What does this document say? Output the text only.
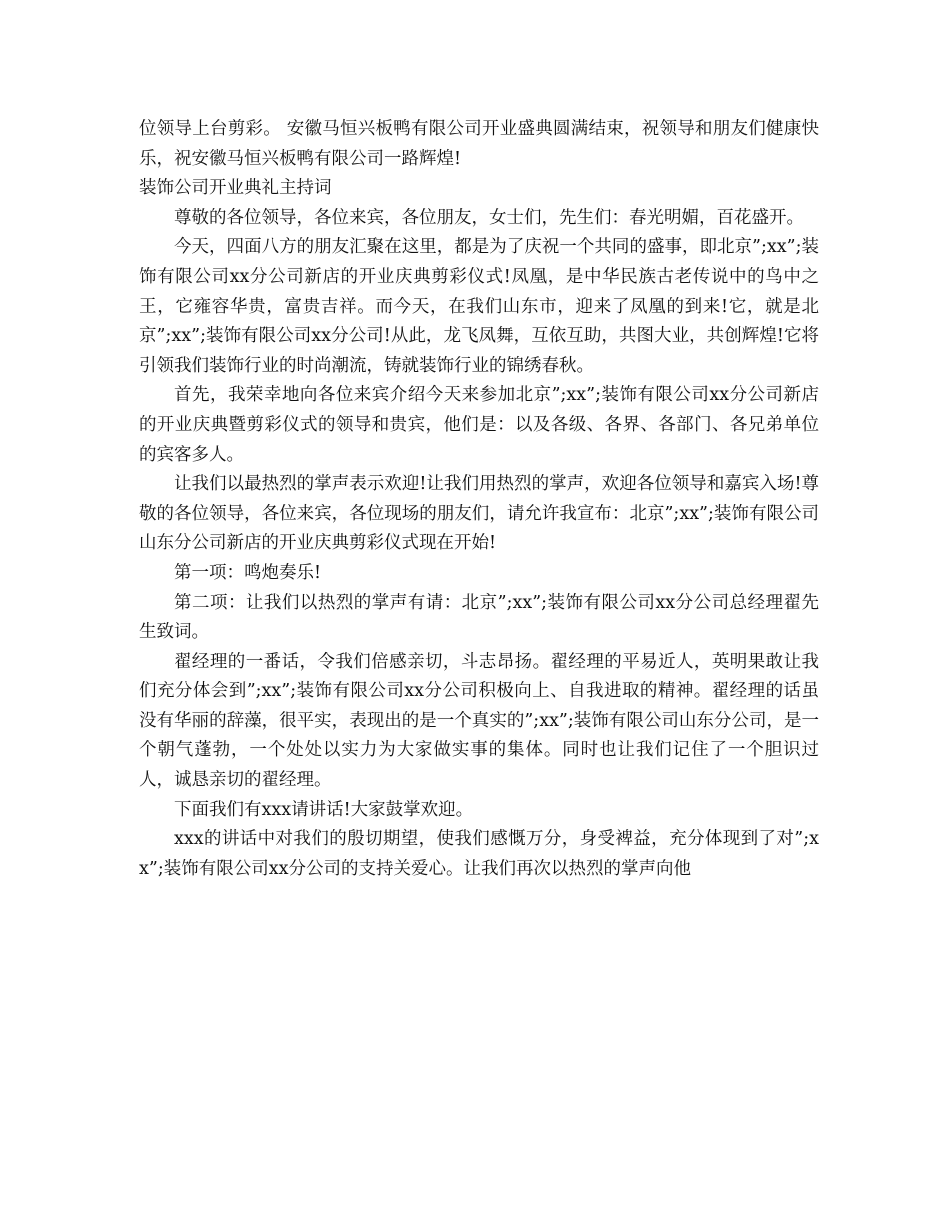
位领导上台剪彩。 安徽马恒兴板鸭有限公司开业盛典圆满结束，祝领导和朋友们健康快乐，祝安徽马恒兴板鸭有限公司一路辉煌!

装饰公司开业典礼主持词

尊敬的各位领导，各位来宾，各位朋友，女士们，先生们：春光明媚，百花盛开。

今天，四面八方的朋友汇聚在这里，都是为了庆祝一个共同的盛事，即北京”;xx”;装饰有限公司xx分公司新店的开业庆典剪彩仪式!凤凰，是中华民族古老传说中的鸟中之王，它雍容华贵，富贵吉祥。而今天，在我们山东市，迎来了凤凰的到来!它，就是北京”;xx”;装饰有限公司xx分公司!从此，龙飞凤舞，互依互助，共图大业，共创辉煌!它将引领我们装饰行业的时尚潮流，铸就装饰行业的锦绣春秋。

首先，我荣幸地向各位来宾介绍今天来参加北京”;xx”;装饰有限公司xx分公司新店的开业庆典暨剪彩仪式的领导和贵宾，他们是：以及各级、各界、各部门、各兄弟单位的宾客多人。

让我们以最热烈的掌声表示欢迎!让我们用热烈的掌声，欢迎各位领导和嘉宾入场!尊敬的各位领导，各位来宾，各位现场的朋友们，请允许我宣布：北京”;xx”;装饰有限公司山东分公司新店的开业庆典剪彩仪式现在开始!

第一项：鸣炮奏乐!

第二项：让我们以热烈的掌声有请：北京”;xx”;装饰有限公司xx分公司总经理翟先生致词。

翟经理的一番话，令我们倍感亲切，斗志昂扬。翟经理的平易近人，英明果敢让我们充分体会到”;xx”;装饰有限公司xx分公司积极向上、自我进取的精神。翟经理的话虽没有华丽的辞藻，很平实，表现出的是一个真实的”;xx”;装饰有限公司山东分公司，是一个朝气蓬勃，一个处处以实力为大家做实事的集体。同时也让我们记住了一个胆识过人，诚恳亲切的翟经理。

下面我们有xxx请讲话!大家鼓掌欢迎。

xxx的讲话中对我们的殷切期望，使我们感慨万分，身受裨益，充分体现到了对”;xx”;装饰有限公司xx分公司的支持关爱心。让我们再次以热烈的掌声向他
